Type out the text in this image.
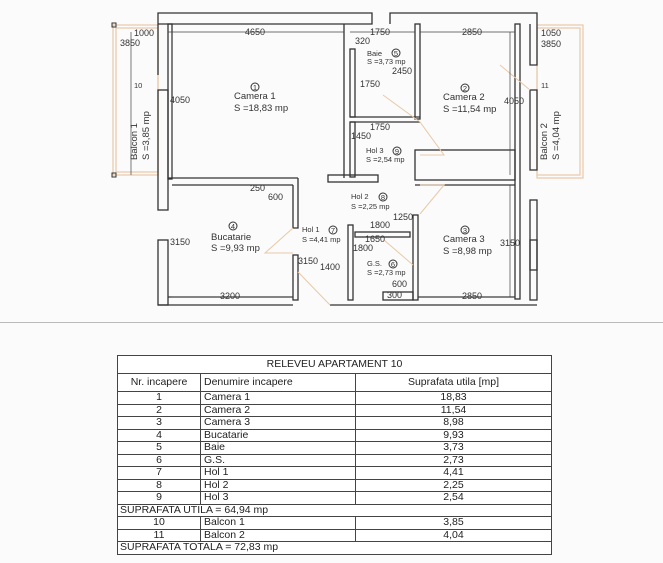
1
Camera 1
S =18,83 mp
2
Camera 2
S =11,54 mp
3
Camera 3
S =8,98 mp
4
Bucatarie
S =9,93 mp
5
Baie
S =3,73 mp
6
G.S.
S =2,73 mp
7
Hol 1
S =4,41 mp
8
Hol 2
S =2,25 mp
9
Hol 3
S =2,54 mp
Balcon 1 S =3,85 mp
10
Balcon 2 S =4,04 mp
11
1000
3850
4650	1750	2850	1050
3850
320
2450
1750
4050	4050
1750
1450
250
600
1250
1800
1650
1800
3150	3150
3150
1400
600
300
3200	2850
RELEVEU APARTAMENT 10		
Nr. incapere	Denumire incapere	Suprafata utila [mp]
1	Camera 1	18,83
2	Camera 2	11,54
3	Camera 3	8,98
4	Bucatarie	9,93
5	Baie	3,73
6	G.S.	2,73
7	Hol 1	4,41
8	Hol 2	2,25
9	Hol 3	2,54
SUPRAFATA UTILA = 64,94 mp		
10	Balcon 1	3,85
11	Balcon 2	4,04
SUPRAFATA TOTALA = 72,83 mp		
